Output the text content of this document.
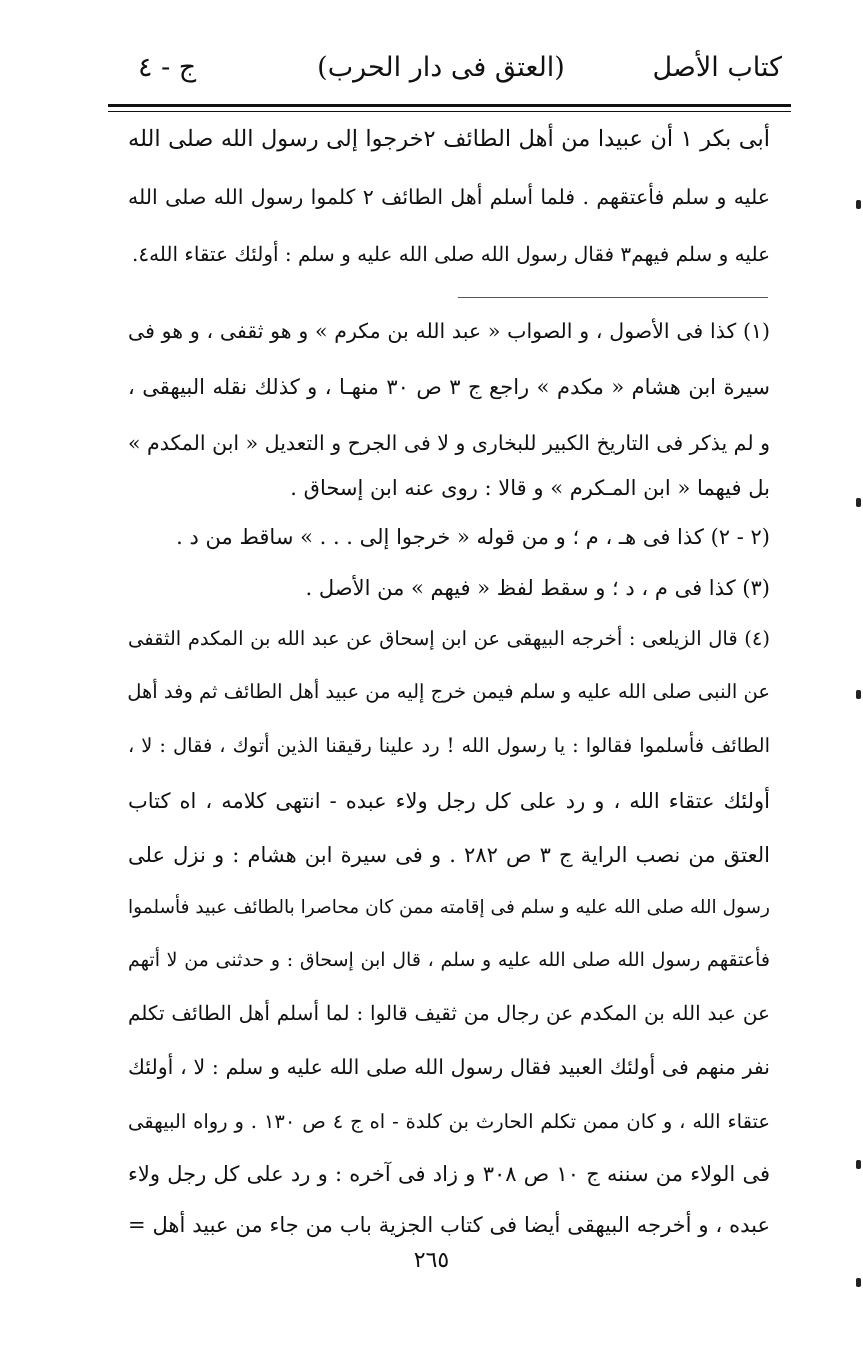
كتاب الأصل
(العتق فى دار الحرب)
ج - ٤
أبى بكر ١ أن عبيدا من أهل الطائف ٢خرجوا إلى رسول الله صلى الله
عليه و سلم فأعتقهم . فلما أسلم أهل الطائف ٢ كلموا رسول الله صلى الله
عليه و سلم فيهم٣ فقال رسول الله صلى الله عليه و سلم : أولئك عتقاء الله٤.
(١) كذا فى الأصول ، و الصواب « عبد الله بن مكرم » و هو ثقفى ، و هو فى
سيرة ابن هشام « مكدم » راجع ج ٣ ص ٣٠ منهـا ، و كذلك نقله البيهقى ،
و لم يذكر فى التاريخ الكبير للبخارى و لا فى الجرح و التعديل « ابن المكدم »
بل فيهما « ابن المـكرم » و قالا : روى عنه ابن إسحاق .
(٢ - ٢) كذا فى هـ ، م ؛ و من قوله « خرجوا إلى . . . » ساقط من د .
(٣) كذا فى م ، د ؛ و سقط لفظ « فيهم » من الأصل .
(٤) قال الزيلعى : أخرجه البيهقى عن ابن إسحاق عن عبد الله بن المكدم الثقفى
عن النبى صلى الله عليه و سلم فيمن خرج إليه من عبيد أهل الطائف ثم وفد أهل
الطائف فأسلموا فقالوا : يا رسول الله ! رد علينا رقيقنا الذين أتوك ، فقال : لا ،
أولئك عتقاء الله ، و رد على كل رجل ولاء عبده - انتهى كلامه ، اه كتاب
العتق من نصب الراية ج ٣ ص ٢٨٢ . و فى سيرة ابن هشام : و نزل على
رسول الله صلى الله عليه و سلم فى إقامته ممن كان محاصرا بالطائف عبيد فأسلموا
فأعتقهم رسول الله صلى الله عليه و سلم ، قال ابن إسحاق : و حدثنى من لا أتهم
عن عبد الله بن المكدم عن رجال من ثقيف قالوا : لما أسلم أهل الطائف تكلم
نفر منهم فى أولئك العبيد فقال رسول الله صلى الله عليه و سلم : لا ، أولئك
عتقاء الله ، و كان ممن تكلم الحارث بن كلدة - اه ج ٤ ص ١٣٠ . و رواه البيهقى
فى الولاء من سننه ج ١٠ ص ٣٠٨ و زاد فى آخره : و رد على كل رجل ولاء
عبده ، و أخرجه البيهقى أيضا فى كتاب الجزية باب من جاء من عبيد أهل =
٢٦٥
